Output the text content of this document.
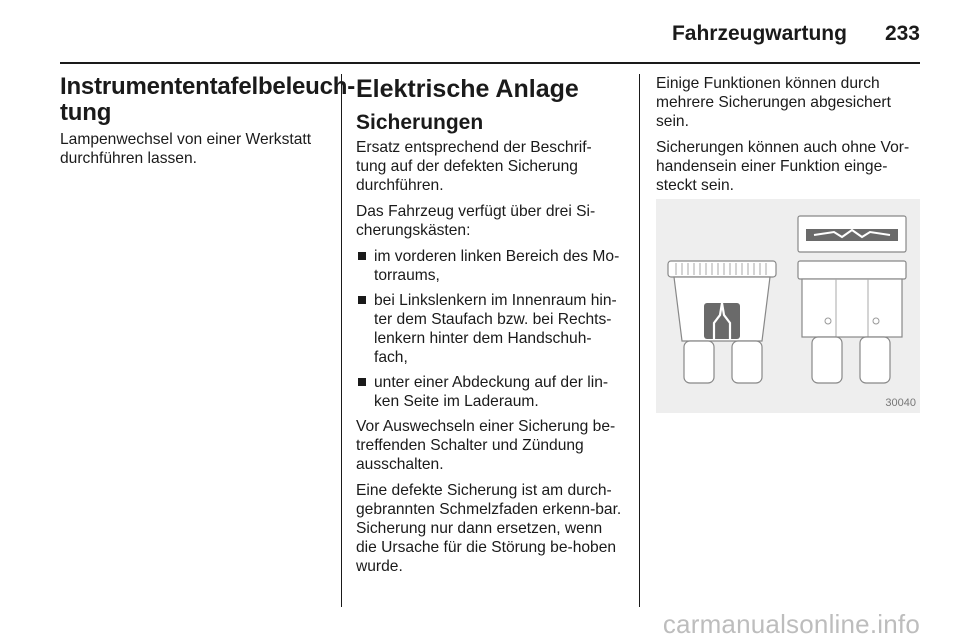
Fahrzeugwartung 233
Instrumententafelbeleuch-
tung

Lampenwechsel von einer Werkstatt durchführen lassen.

Elektrische Anlage
Sicherungen

Ersatz entsprechend der Beschrif-tung auf der defekten Sicherung durchführen.

Das Fahrzeug verfügt über drei Si-cherungskästen:

im vorderen linken Bereich des Mo-torraums,
bei Linkslenkern im Innenraum hin-ter dem Staufach bzw. bei Rechts-lenkern hinter dem Handschuh-fach,
unter einer Abdeckung auf der lin-ken Seite im Laderaum.

Vor Auswechseln einer Sicherung be-treffenden Schalter und Zündung ausschalten.

Eine defekte Sicherung ist am durch-gebrannten Schmelzfaden erkenn-bar. Sicherung nur dann ersetzen, wenn die Ursache für die Störung be-hoben wurde.

Einige Funktionen können durch mehrere Sicherungen abgesichert sein.

Sicherungen können auch ohne Vor-handensein einer Funktion einge-steckt sein.

30040
carmanualsonline.info
